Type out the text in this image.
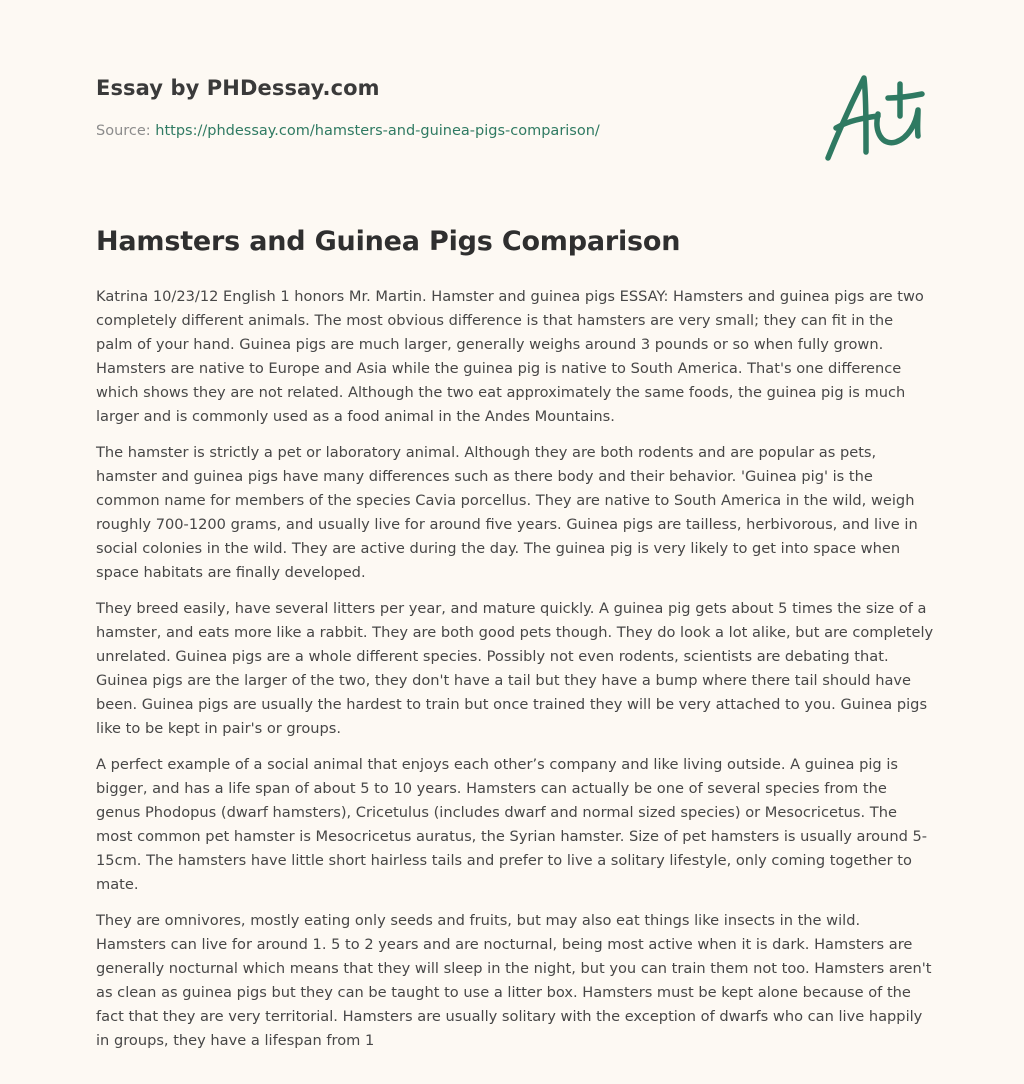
Essay by PHDessay.com
Source: https://phdessay.com/hamsters-and-guinea-pigs-comparison/
Hamsters and Guinea Pigs Comparison

Katrina 10/23/12 English 1 honors Mr. Martin. Hamster and guinea pigs ESSAY: Hamsters and guinea pigs are two completely different animals. The most obvious difference is that hamsters are very small; they can fit in the palm of your hand. Guinea pigs are much larger, generally weighs around 3 pounds or so when fully grown. Hamsters are native to Europe and Asia while the guinea pig is native to South America. That's one difference which shows they are not related. Although the two eat approximately the same foods, the guinea pig is much larger and is commonly used as a food animal in the Andes Mountains.

The hamster is strictly a pet or laboratory animal. Although they are both rodents and are popular as pets, hamster and guinea pigs have many differences such as there body and their behavior. 'Guinea pig' is the common name for members of the species Cavia porcellus. They are native to South America in the wild, weigh roughly 700-1200 grams, and usually live for around five years. Guinea pigs are tailless, herbivorous, and live in social colonies in the wild. They are active during the day. The guinea pig is very likely to get into space when space habitats are finally developed.

They breed easily, have several litters per year, and mature quickly. A guinea pig gets about 5 times the size of a hamster, and eats more like a rabbit. They are both good pets though. They do look a lot alike, but are completely unrelated. Guinea pigs are a whole different species. Possibly not even rodents, scientists are debating that. Guinea pigs are the larger of the two, they don't have a tail but they have a bump where there tail should have been. Guinea pigs are usually the hardest to train but once trained they will be very attached to you. Guinea pigs like to be kept in pair's or groups.

A perfect example of a social animal that enjoys each other’s company and like living outside. A guinea pig is bigger, and has a life span of about 5 to 10 years. Hamsters can actually be one of several species from the genus Phodopus (dwarf hamsters), Cricetulus (includes dwarf and normal sized species) or Mesocricetus. The most common pet hamster is Mesocricetus auratus, the Syrian hamster. Size of pet hamsters is usually around 5-15cm. The hamsters have little short hairless tails and prefer to live a solitary lifestyle, only coming together to mate.

They are omnivores, mostly eating only seeds and fruits, but may also eat things like insects in the wild. Hamsters can live for around 1. 5 to 2 years and are nocturnal, being most active when it is dark. Hamsters are generally nocturnal which means that they will sleep in the night, but you can train them not too. Hamsters aren't as clean as guinea pigs but they can be taught to use a litter box. Hamsters must be kept alone because of the fact that they are very territorial. Hamsters are usually solitary with the exception of dwarfs who can live happily in groups, they have a lifespan from 1
